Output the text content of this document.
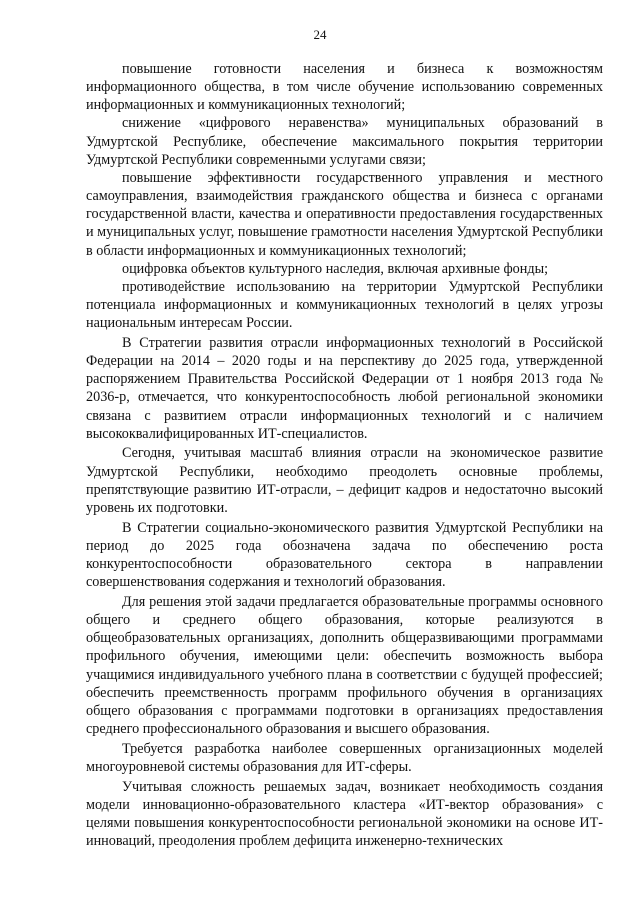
24

повышение готовности населения и бизнеса к возможностям информационного общества, в том числе обучение использованию современных информационных и коммуникационных технологий;

снижение «цифрового неравенства» муниципальных образований в Удмуртской Республике, обеспечение максимального покрытия территории Удмуртской Республики современными услугами связи;

повышение эффективности государственного управления и местного самоуправления, взаимодействия гражданского общества и бизнеса с органами государственной власти, качества и оперативности предоставления государственных и муниципальных услуг, повышение грамотности населения Удмуртской Республики в области информационных и коммуникационных технологий;

оцифровка объектов культурного наследия, включая архивные фонды;

противодействие использованию на территории Удмуртской Республики потенциала информационных и коммуникационных технологий в целях угрозы национальным интересам России.

В Стратегии развития отрасли информационных технологий в Российской Федерации на 2014 – 2020 годы и на перспективу до 2025 года, утвержденной распоряжением Правительства Российской Федерации от 1 ноября 2013 года № 2036-р, отмечается, что конкурентоспособность любой региональной экономики связана с развитием отрасли информационных технологий и с наличием высококвалифицированных ИТ-специалистов.

Сегодня, учитывая масштаб влияния отрасли на экономическое развитие Удмуртской Республики, необходимо преодолеть основные проблемы, препятствующие развитию ИТ-отрасли, – дефицит кадров и недостаточно высокий уровень их подготовки.

В Стратегии социально-экономического развития Удмуртской Республики на период до 2025 года обозначена задача по обеспечению роста конкурентоспособности образовательного сектора в направлении совершенствования содержания и технологий образования.

Для решения этой задачи предлагается образовательные программы основного общего и среднего общего образования, которые реализуются в общеобразовательных организациях, дополнить общеразвивающими программами профильного обучения, имеющими цели: обеспечить возможность выбора учащимися индивидуального учебного плана в соответствии с будущей профессией; обеспечить преемственность программ профильного обучения в организациях общего образования с программами подготовки в организациях предоставления среднего профессионального образования и высшего образования.

Требуется разработка наиболее совершенных организационных моделей многоуровневой системы образования для ИТ-сферы.

Учитывая сложность решаемых задач, возникает необходимость создания модели инновационно-образовательного кластера «ИТ-вектор образования» с целями повышения конкурентоспособности региональной экономики на основе ИТ-инноваций, преодоления проблем дефицита инженерно-технических
